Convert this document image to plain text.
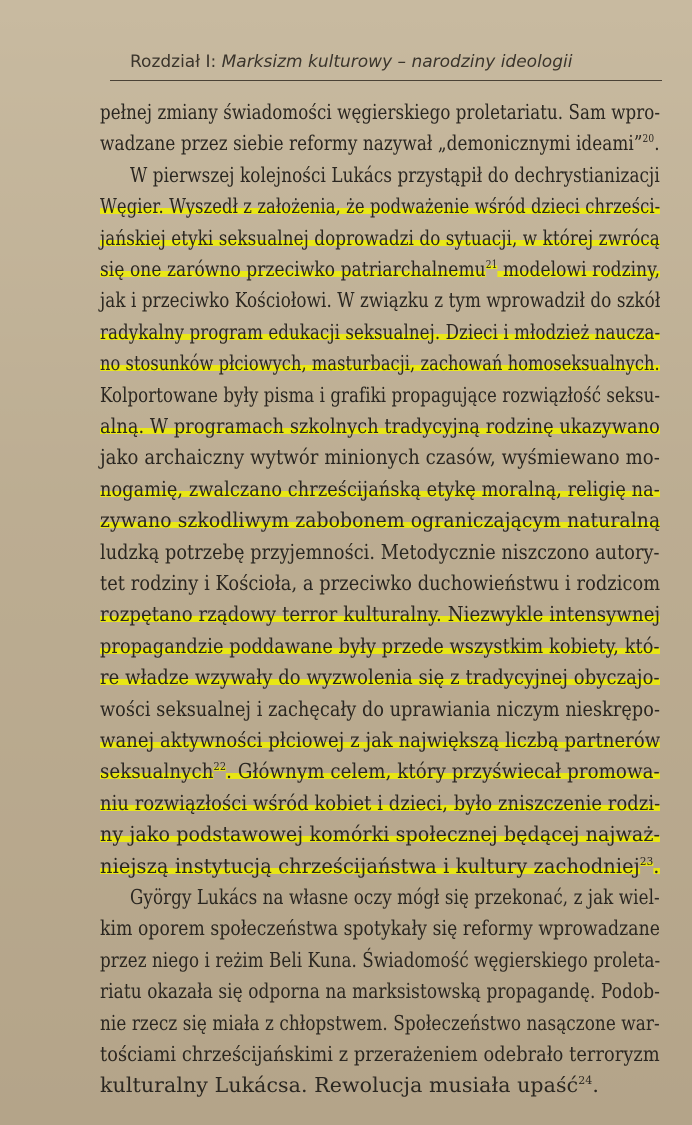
Rozdział I: Marksizm kulturowy – narodziny ideologii
pełnej zmiany świadomości węgierskiego proletariatu. Sam wpro-
wadzane przez siebie reformy nazywał „demonicznymi ideami”$^{20}$.
W pierwszej kolejności Lukács przystąpił do dechrystianizacji
Węgier. Wyszedł z założenia, że podważenie wśród dzieci chrześci-
jańskiej etyki seksualnej doprowadzi do sytuacji, w której zwrócą
się one zarówno przeciwko patriarchalnemu$^{21}$ modelowi rodziny,
jak i przeciwko Kościołowi. W związku z tym wprowadził do szkół
radykalny program edukacji seksualnej. Dzieci i młodzież naucza-
no stosunków płciowych, masturbacji, zachowań homoseksualnych.
Kolportowane były pisma i grafiki propagujące rozwiązłość seksu-
alną. W programach szkolnych tradycyjną rodzinę ukazywano
jako archaiczny wytwór minionych czasów, wyśmiewano mo-
nogamię, zwalczano chrześcijańską etykę moralną, religię na-
zywano szkodliwym zabobonem ograniczającym naturalną
ludzką potrzebę przyjemności. Metodycznie niszczono autory-
tet rodziny i Kościoła, a przeciwko duchowieństwu i rodzicom
rozpętano rządowy terror kulturalny. Niezwykle intensywnej
propagandzie poddawane były przede wszystkim kobiety, któ-
re władze wzywały do wyzwolenia się z tradycyjnej obyczajo-
wości seksualnej i zachęcały do uprawiania niczym nieskrępo-
wanej aktywności płciowej z jak największą liczbą partnerów
seksualnych$^{22}$. Głównym celem, który przyświecał promowa-
niu rozwiązłości wśród kobiet i dzieci, było zniszczenie rodzi-
ny jako podstawowej komórki społecznej będącej najważ-
niejszą instytucją chrześcijaństwa i kultury zachodniej$^{23}$.
György Lukács na własne oczy mógł się przekonać, z jak wiel-
kim oporem społeczeństwa spotykały się reformy wprowadzane
przez niego i reżim Beli Kuna. Świadomość węgierskiego proleta-
riatu okazała się odporna na marksistowską propagandę. Podob-
nie rzecz się miała z chłopstwem. Społeczeństwo nasączone war-
tościami chrześcijańskimi z przerażeniem odebrało terroryzm
kulturalny Lukácsa. Rewolucja musiała upaść$^{24}$.
